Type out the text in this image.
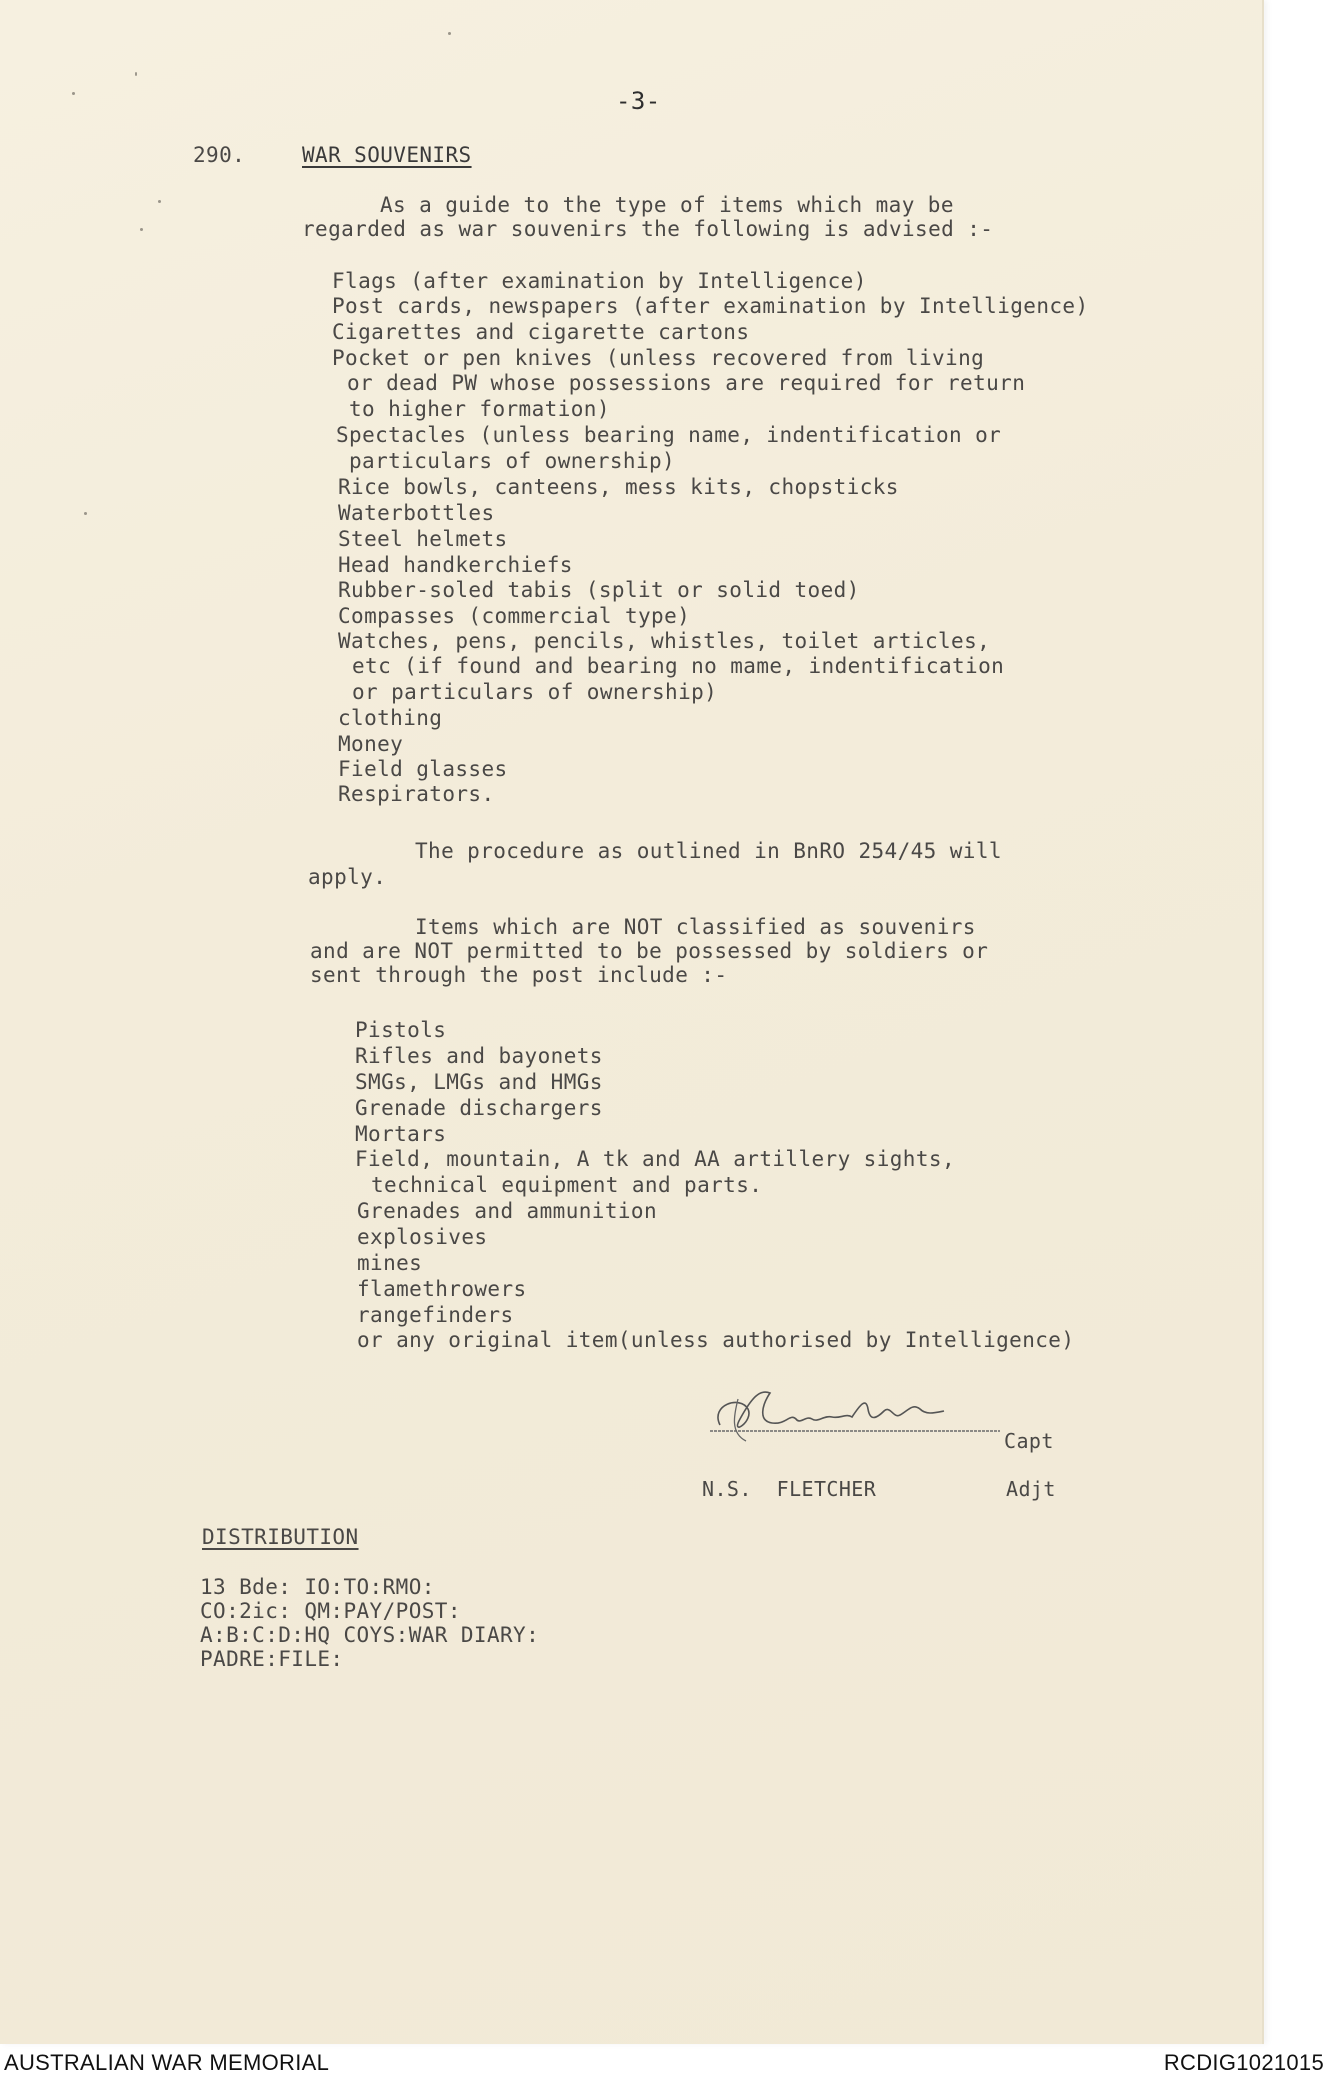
-3-
290.	WAR SOUVENIRS
As a guide to the type of items which may be
regarded as war souvenirs the following is advised :-
Flags (after examination by Intelligence)
Post cards, newspapers (after examination by Intelligence)
Cigarettes and cigarette cartons
Pocket or pen knives (unless recovered from living
or dead PW whose possessions are required for return
to higher formation)
Spectacles (unless bearing name, indentification or
particulars of ownership)
Rice bowls, canteens, mess kits, chopsticks
Waterbottles
Steel helmets
Head handkerchiefs
Rubber-soled tabis (split or solid toed)
Compasses (commercial type)
Watches, pens, pencils, whistles, toilet articles,
etc (if found and bearing no mame, indentification
or particulars of ownership)
clothing
Money
Field glasses
Respirators.
The procedure as outlined in BnRO 254/45 will
apply.
Items which are NOT classified as souvenirs
and are NOT permitted to be possessed by soldiers or
sent through the post include :-
Pistols
Rifles and bayonets
SMGs, LMGs and HMGs
Grenade dischargers
Mortars
Field, mountain, A tk and AA artillery sights,
technical equipment and parts.
Grenades and ammunition
explosives
mines
flamethrowers
rangefinders
or any original item(unless authorised by Intelligence)
Capt
N.S.  FLETCHER	Adjt
DISTRIBUTION
13 Bde: IO:TO:RMO:
CO:2ic: QM:PAY/POST:
A:B:C:D:HQ COYS:WAR DIARY:
PADRE:FILE:
AUSTRALIAN WAR MEMORIAL	RCDIG1021015
